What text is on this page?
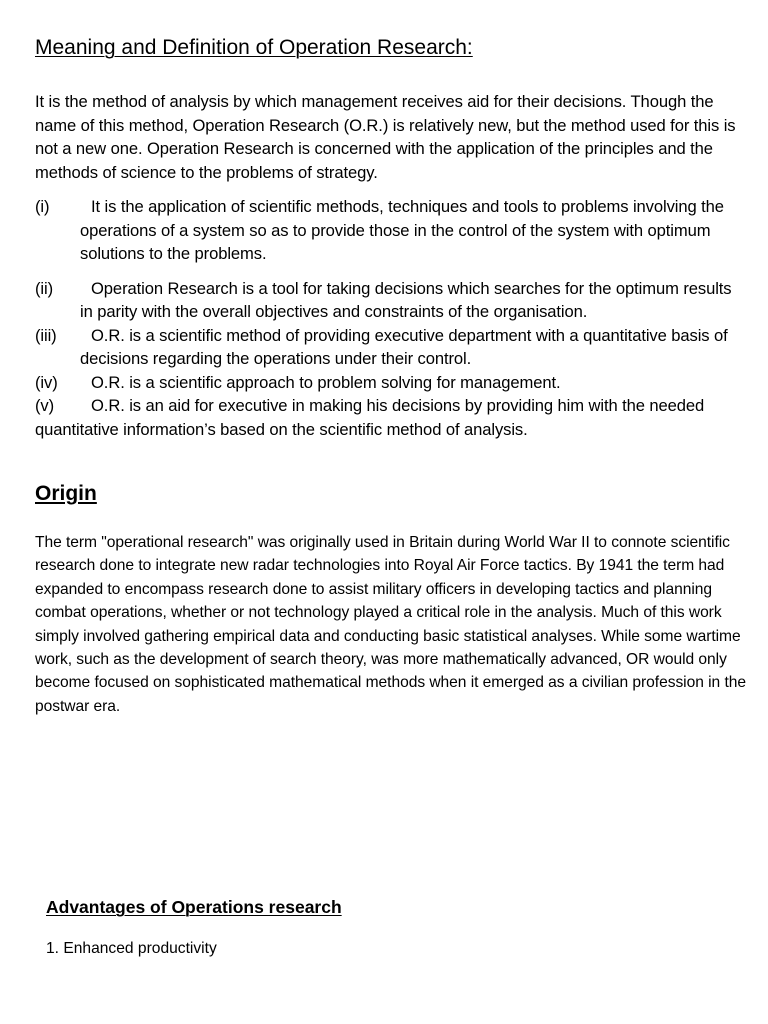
Meaning and Definition of Operation Research:

It is the method of analysis by which management receives aid for their decisions. Though the name of this method, Operation Research (O.R.) is relatively new, but the method used for this is not a new one. Operation Research is concerned with the application of the principles and the methods of science to the problems of strategy.

(i)	It is the application of scientific methods, techniques and tools to problems involving the operations of a system so as to provide those in the control of the system with optimum solutions to the problems.
(ii)	Operation Research is a tool for taking decisions which searches for the optimum results in parity with the overall objectives and constraints of the organisation.
(iii)	O.R. is a scientific method of providing executive department with a quantitative basis of decisions regarding the operations under their control.
(iv)	O.R. is a scientific approach to problem solving for management.
(v) O.R. is an aid for executive in making his decisions by providing him with the needed quantitative information’s based on the scientific method of analysis.
Origin

The term "operational research" was originally used in Britain during World War II to connote scientific research done to integrate new radar technologies into Royal Air Force tactics. By 1941 the term had expanded to encompass research done to assist military officers in developing tactics and planning combat operations, whether or not technology played a critical role in the analysis. Much of this work simply involved gathering empirical data and conducting basic statistical analyses. While some wartime work, such as the development of search theory, was more mathematically advanced, OR would only become focused on sophisticated mathematical methods when it emerged as a civilian profession in the postwar era.

Advantages of Operations research

1. Enhanced productivity
